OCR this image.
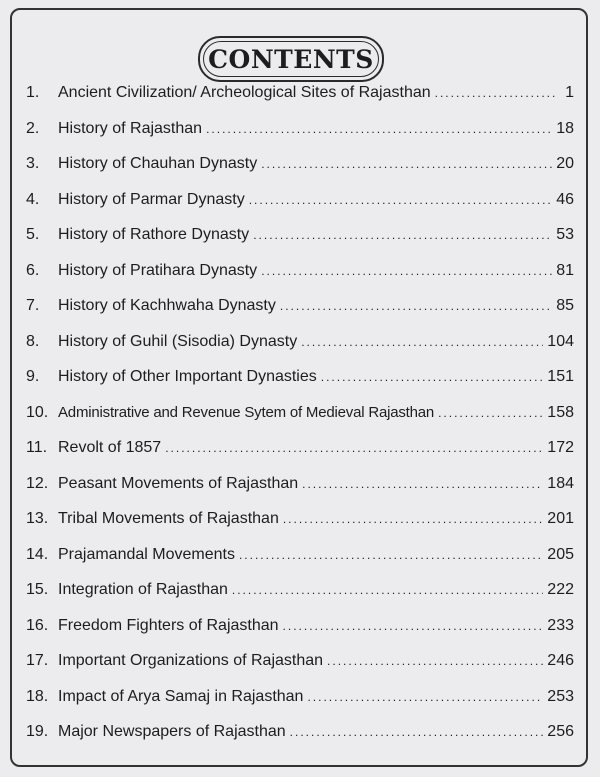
CONTENTS
1.	Ancient Civilization/ Archeological Sites of Rajasthan .....	1
2.	History of Rajasthan .....	18
3.	History of Chauhan Dynasty .....	20
4.	History of Parmar Dynasty .....	46
5.	History of Rathore Dynasty .....	53
6.	History of Pratihara Dynasty .....	81
7.	History of Kachhwaha Dynasty .....	85
8.	History of Guhil (Sisodia) Dynasty .....	104
9.	History of Other Important Dynasties .....	151
10. Administrative and Revenue Sytem of Medieval Rajasthan .....	158
11. Revolt of 1857 .....	172
12. Peasant Movements of Rajasthan .....	184
13. Tribal Movements of Rajasthan .....	201
14. Prajamandal Movements .....	205
15. Integration of Rajasthan .....	222
16. Freedom Fighters of Rajasthan .....	233
17. Important Organizations of Rajasthan .....	246
18. Impact of Arya Samaj in Rajasthan .....	253
19. Major Newspapers of Rajasthan .....	256
